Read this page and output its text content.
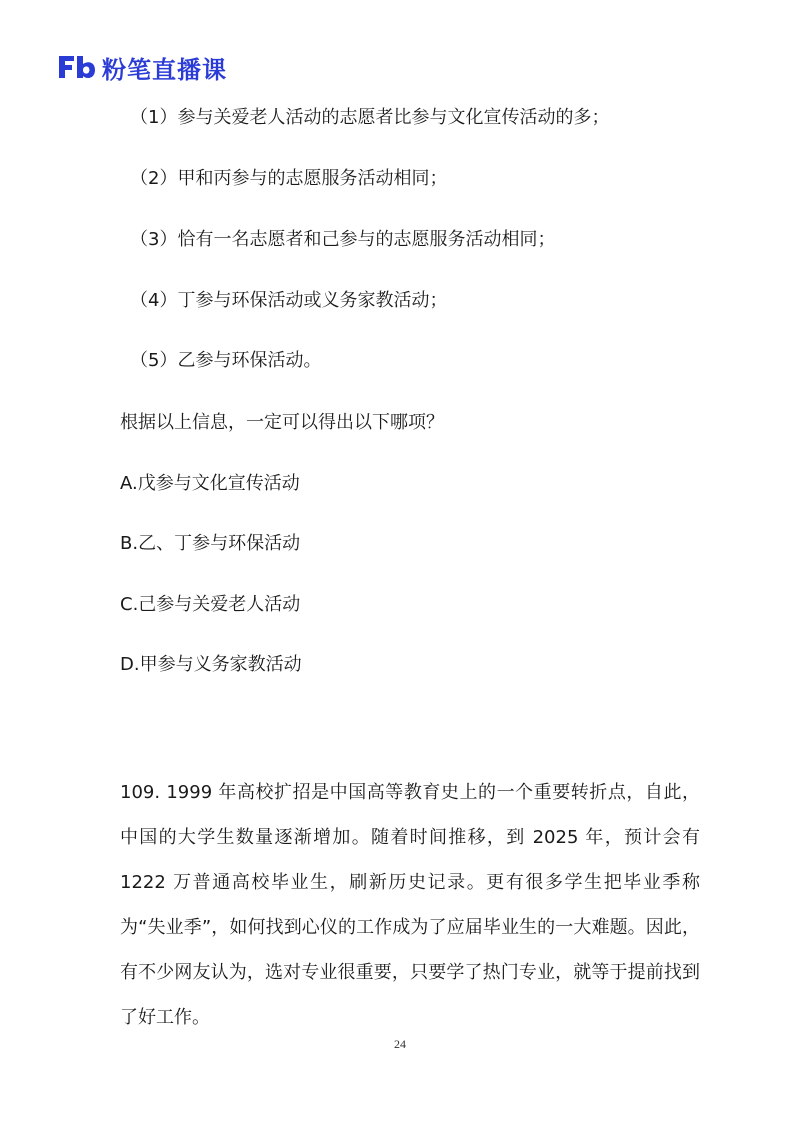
粉笔直播课
（1）参与关爱老人活动的志愿者比参与文化宣传活动的多；
（2）甲和丙参与的志愿服务活动相同；
（3）恰有一名志愿者和己参与的志愿服务活动相同；
（4）丁参与环保活动或义务家教活动；
（5）乙参与环保活动。
根据以上信息，一定可以得出以下哪项？
A.戊参与文化宣传活动
B.乙、丁参与环保活动
C.己参与关爱老人活动
D.甲参与义务家教活动

109. 1999 年高校扩招是中国高等教育史上的一个重要转折点，自此，中国的大学生数量逐渐增加。随着时间推移，到 2025 年，预计会有 1222 万普通高校毕业生，刷新历史记录。更有很多学生把毕业季称为“失业季”，如何找到心仪的工作成为了应届毕业生的一大难题。因此，有不少网友认为，选对专业很重要，只要学了热门专业，就等于提前找到了好工作。

24
